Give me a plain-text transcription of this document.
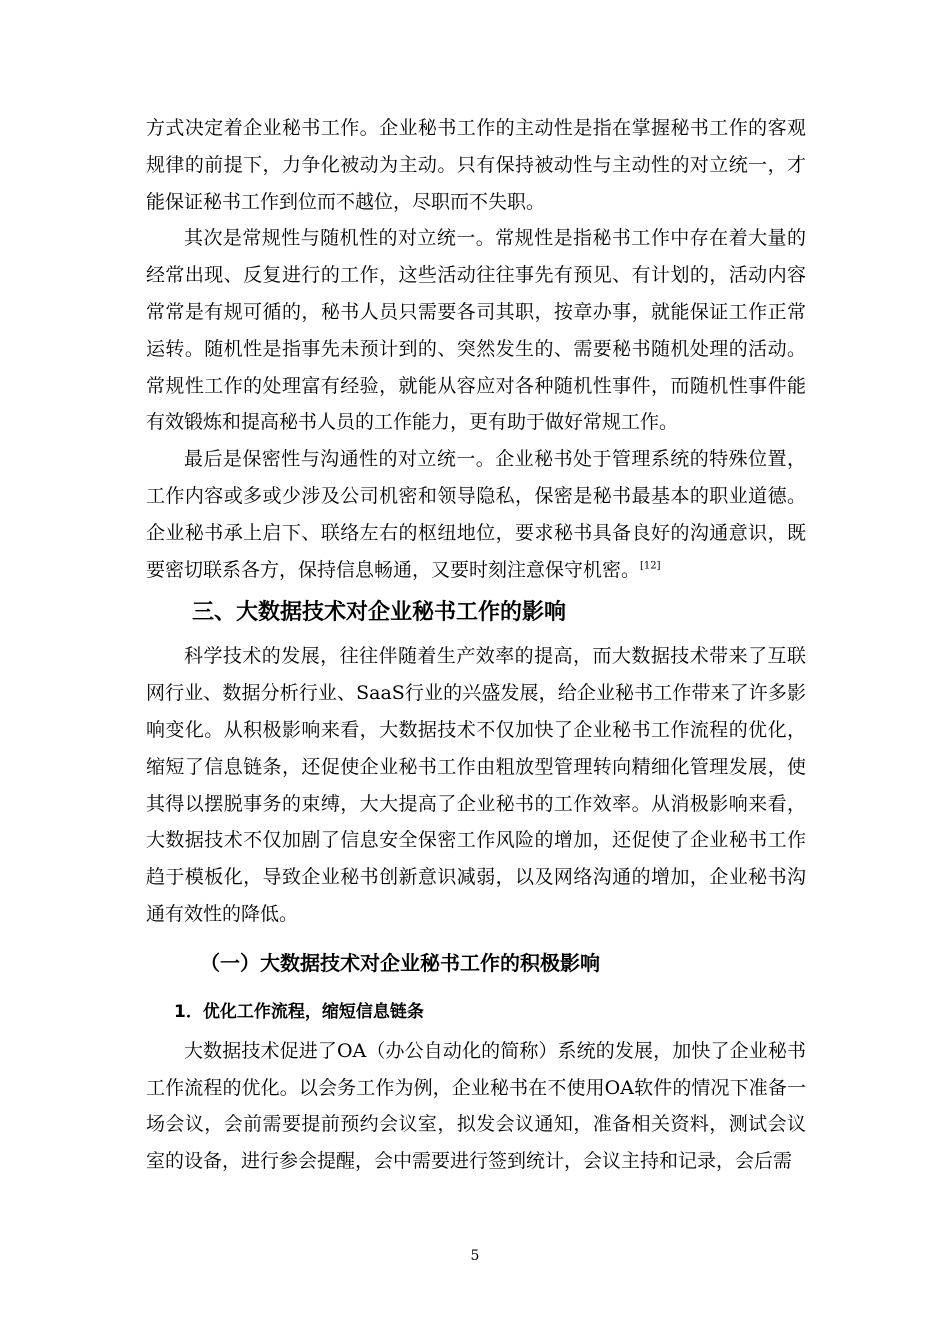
方式决定着企业秘书工作。企业秘书工作的主动性是指在掌握秘书工作的客观规律的前提下，力争化被动为主动。只有保持被动性与主动性的对立统一，才能保证秘书工作到位而不越位，尽职而不失职。

其次是常规性与随机性的对立统一。常规性是指秘书工作中存在着大量的经常出现、反复进行的工作，这些活动往往事先有预见、有计划的，活动内容常常是有规可循的，秘书人员只需要各司其职，按章办事，就能保证工作正常运转。随机性是指事先未预计到的、突然发生的、需要秘书随机处理的活动。常规性工作的处理富有经验，就能从容应对各种随机性事件，而随机性事件能有效锻炼和提高秘书人员的工作能力，更有助于做好常规工作。

最后是保密性与沟通性的对立统一。企业秘书处于管理系统的特殊位置，工作内容或多或少涉及公司机密和领导隐私，保密是秘书最基本的职业道德。企业秘书承上启下、联络左右的枢纽地位，要求秘书具备良好的沟通意识，既要密切联系各方，保持信息畅通，又要时刻注意保守机密。[12]

三、大数据技术对企业秘书工作的影响

科学技术的发展，往往伴随着生产效率的提高，而大数据技术带来了互联网行业、数据分析行业、SaaS行业的兴盛发展，给企业秘书工作带来了许多影响变化。从积极影响来看，大数据技术不仅加快了企业秘书工作流程的优化，缩短了信息链条，还促使企业秘书工作由粗放型管理转向精细化管理发展，使其得以摆脱事务的束缚，大大提高了企业秘书的工作效率。从消极影响来看，大数据技术不仅加剧了信息安全保密工作风险的增加，还促使了企业秘书工作趋于模板化，导致企业秘书创新意识减弱，以及网络沟通的增加，企业秘书沟通有效性的降低。

（一）大数据技术对企业秘书工作的积极影响
1．优化工作流程，缩短信息链条

大数据技术促进了OA（办公自动化的简称）系统的发展，加快了企业秘书工作流程的优化。以会务工作为例，企业秘书在不使用OA软件的情况下准备一场会议，会前需要提前预约会议室，拟发会议通知，准备相关资料，测试会议室的设备，进行参会提醒，会中需要进行签到统计，会议主持和记录，会后需

5
